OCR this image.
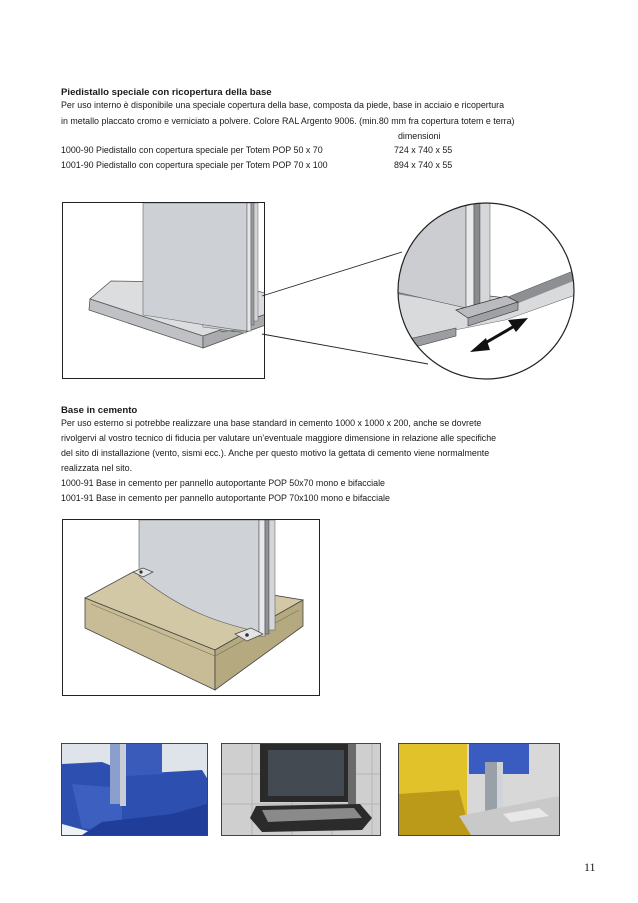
Piedistallo speciale con ricopertura della base
Per uso interno è disponibile una speciale copertura della base, composta da piede, base in acciaio e ricopertura
in metallo placcato cromo e verniciato a polvere. Colore RAL Argento 9006. (min.80 mm fra copertura totem e terra)
dimensioni
1000-90 Piedistallo con copertura speciale per Totem POP 50 x 70	724 x 740 x 55
1001-90 Piedistallo con copertura speciale per Totem POP 70 x 100	894 x 740 x 55
Base in cemento
Per uso esterno si potrebbe realizzare una base standard in cemento 1000 x 1000 x 200, anche se dovrete
rivolgervi al vostro tecnico di fiducia per valutare un’eventuale maggiore dimensione in relazione alle specifiche
del sito di installazione (vento, sismi ecc.). Anche per questo motivo la gettata di cemento viene normalmente
realizzata nel sito.
1000-91 Base in cemento per pannello autoportante POP 50x70 mono e bifacciale
1001-91 Base in cemento per pannello autoportante POP 70x100 mono e bifacciale
11
